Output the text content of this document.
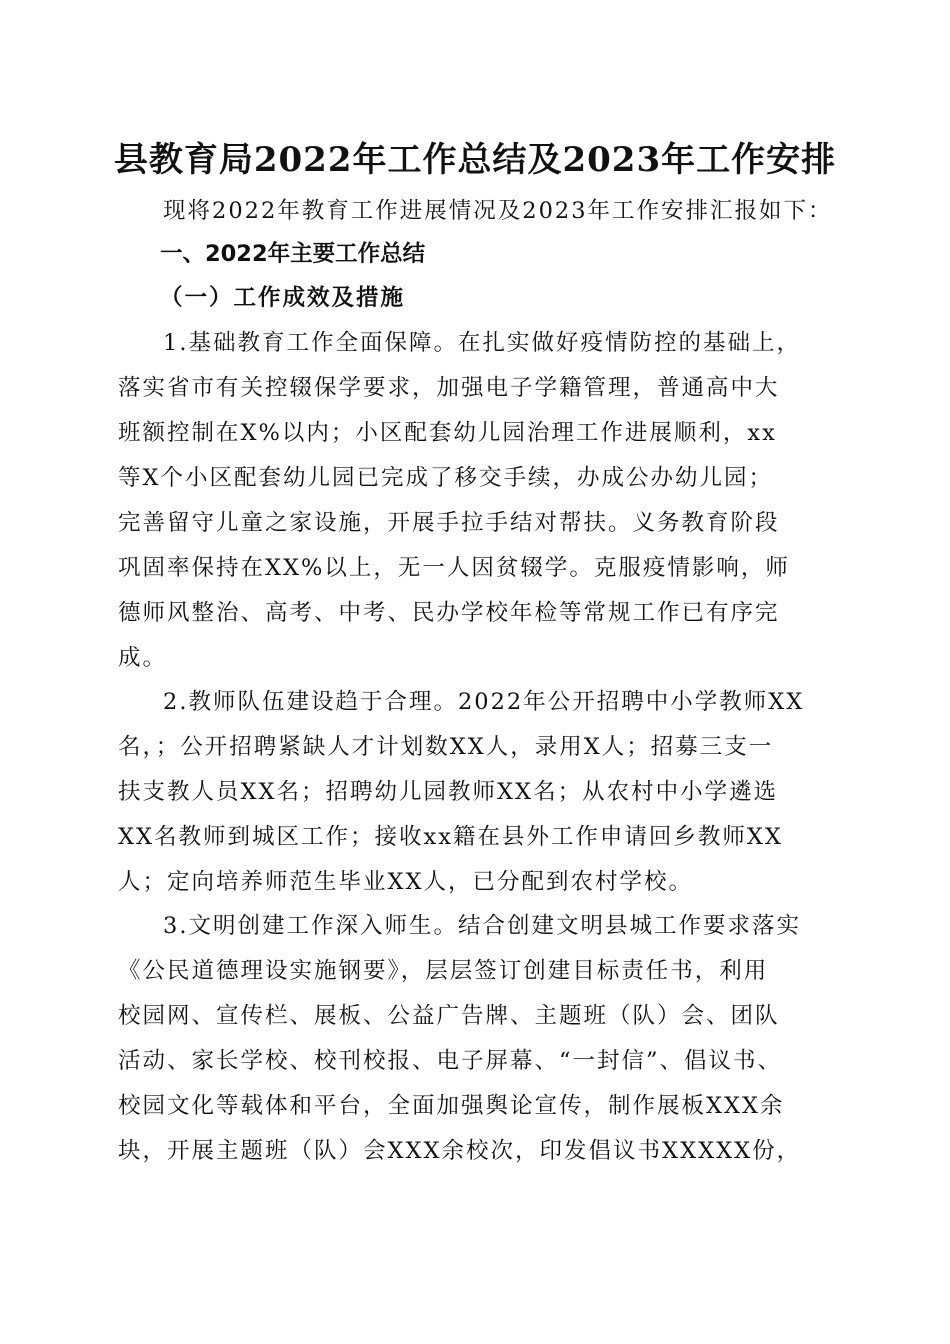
县教育局2022年工作总结及2023年工作安排

现将2022年教育工作进展情况及2023年工作安排汇报如下：

一、2022年主要工作总结
（一）工作成效及措施
1.基础教育工作全面保障。在扎实做好疫情防控的基础上，
落实省市有关控辍保学要求，加强电子学籍管理，普通高中大
班额控制在X%以内；小区配套幼儿园治理工作进展顺利，xx
等X个小区配套幼儿园已完成了移交手续，办成公办幼儿园；
完善留守儿童之家设施，开展手拉手结对帮扶。义务教育阶段
巩固率保持在XX%以上，无一人因贫辍学。克服疫情影响，师
德师风整治、高考、中考、民办学校年检等常规工作已有序完
成。
2.教师队伍建设趋于合理。2022年公开招聘中小学教师XX
名，；公开招聘紧缺人才计划数XX人，录用X人；招募三支一
扶支教人员XX名；招聘幼儿园教师XX名；从农村中小学遴选
XX名教师到城区工作；接收xx籍在县外工作申请回乡教师XX
人；定向培养师范生毕业XX人，已分配到农村学校。
3.文明创建工作深入师生。结合创建文明县城工作要求落实
《公民道德理设实施钢要》，层层签订创建目标责任书，利用
校园网、宣传栏、展板、公益广告牌、主题班（队）会、团队
活动、家长学校、校刊校报、电子屏幕、“一封信”、倡议书、
校园文化等载体和平台，全面加强舆论宣传，制作展板XXX余
块，开展主题班（队）会XXX余校次，印发倡议书XXXXX份，
